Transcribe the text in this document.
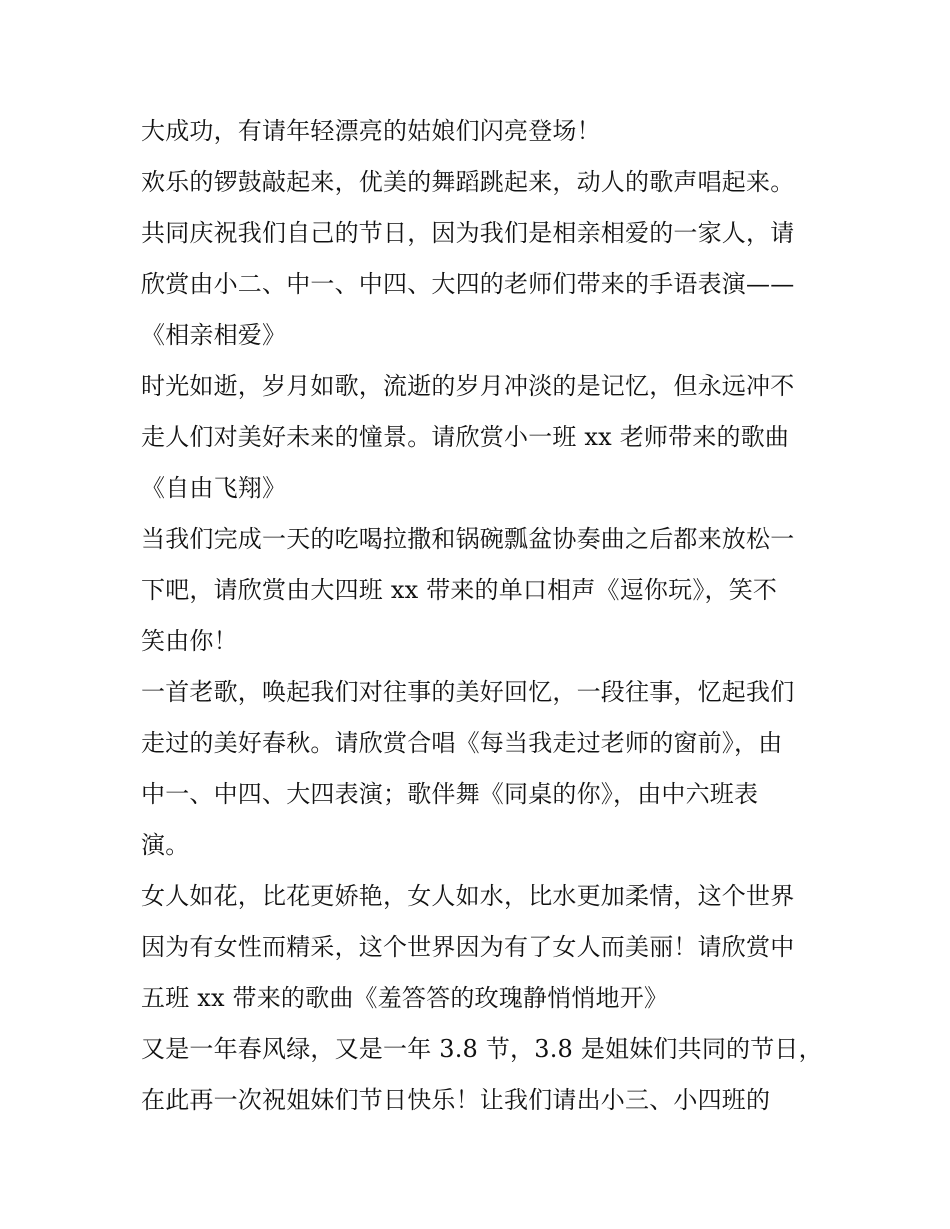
大成功，有请年轻漂亮的姑娘们闪亮登场！
欢乐的锣鼓敲起来，优美的舞蹈跳起来，动人的歌声唱起来。
共同庆祝我们自己的节日，因为我们是相亲相爱的一家人，请
欣赏由小二、中一、中四、大四的老师们带来的手语表演——
《相亲相爱》
时光如逝，岁月如歌，流逝的岁月冲淡的是记忆，但永远冲不
走人们对美好未来的憧景。请欣赏小一班 xx 老师带来的歌曲
《自由飞翔》
当我们完成一天的吃喝拉撒和锅碗瓢盆协奏曲之后都来放松一
下吧，请欣赏由大四班 xx 带来的单口相声《逗你玩》，笑不
笑由你！
一首老歌，唤起我们对往事的美好回忆，一段往事，忆起我们
走过的美好春秋。请欣赏合唱《每当我走过老师的窗前》，由
中一、中四、大四表演；歌伴舞《同桌的你》，由中六班表
演。
女人如花，比花更娇艳，女人如水，比水更加柔情，这个世界
因为有女性而精采，这个世界因为有了女人而美丽！请欣赏中
五班 xx 带来的歌曲《羞答答的玫瑰静悄悄地开》
又是一年春风绿，又是一年 3.8 节，3.8 是姐妹们共同的节日，
在此再一次祝姐妹们节日快乐！让我们请出小三、小四班的
